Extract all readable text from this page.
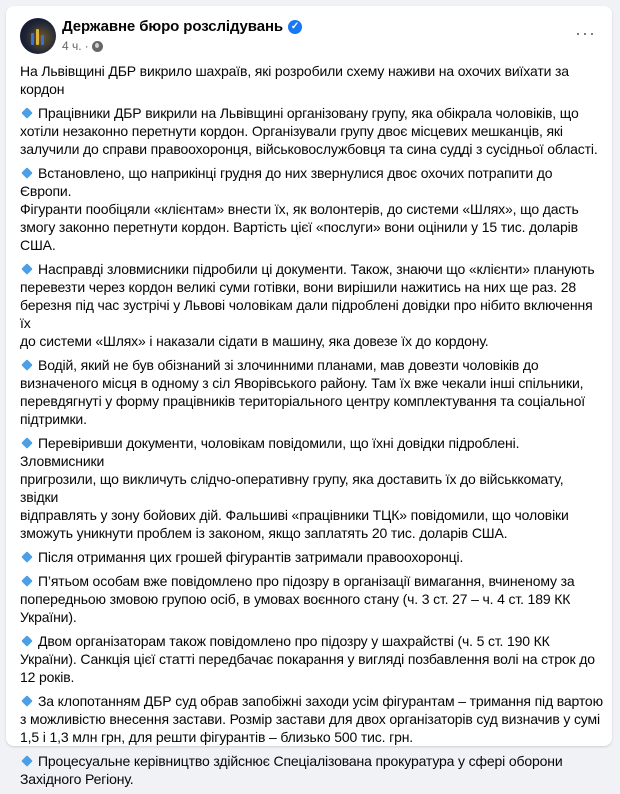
Державне бюро розслідувань ✓
4 ч. ·
···

На Львівщині ДБР викрило шахраїв, які розробили схему наживи на охочих виїхати за
кордон

Працівники ДБР викрили на Львівщині організовану групу, яка обікрала чоловіків, що
хотіли незаконно перетнути кордон. Організували групу двоє місцевих мешканців, які
залучили до справи правоохоронця, військовослужбовця та сина судді з сусідньої області.

Встановлено, що наприкінці грудня до них звернулися двоє охочих потрапити до Європи.
Фігуранти пообіцяли «клієнтам» внести їх, як волонтерів, до системи «Шлях», що дасть
змогу законно перетнути кордон. Вартість цієї «послуги» вони оцінили у 15 тис. доларів
США.

Насправді зловмисники підробили ці документи. Також, знаючи що «клієнти» планують
перевезти через кордон великі суми готівки, вони вирішили нажитись на них ще раз. 28
березня під час зустрічі у Львові чоловікам дали підроблені довідки про нібито включення їх
до системи «Шлях» і наказали сідати в машину, яка довезе їх до кордону.

Водій, який не був обізнаний зі злочинними планами, мав довезти чоловіків до
визначеного місця в одному з сіл Яворівського району. Там їх вже чекали інші спільники,
перевдягнуті у форму працівників територіального центру комплектування та соціальної
підтримки.

Перевіривши документи, чоловікам повідомили, що їхні довідки підроблені. Зловмисники
пригрозили, що викличуть слідчо-оперативну групу, яка доставить їх до військкомату, звідки
відправлять у зону бойових дій. Фальшиві «працівники ТЦК» повідомили, що чоловіки
зможуть уникнути проблем із законом, якщо заплатять 20 тис. доларів США.

Після отримання цих грошей фігурантів затримали правоохоронці.

П’ятьом особам вже повідомлено про підозру в організації вимагання, вчиненому за
попередньою змовою групою осіб, в умовах воєнного стану (ч. 3 ст. 27 – ч. 4 ст. 189 КК
України).

Двом організаторам також повідомлено про підозру у шахрайстві (ч. 5 ст. 190 КК
України). Санкція цієї статті передбачає покарання у вигляді позбавлення волі на строк до
12 років.

За клопотанням ДБР суд обрав запобіжні заходи усім фігурантам – тримання під вартою
з можливістю внесення застави. Розмір застави для двох організаторів суд визначив у сумі
1,5 і 1,3 млн грн, для решти фігурантів – близько 500 тис. грн.

Процесуальне керівництво здійснює Спеціалізована прокуратура у сфері оборони
Західного Регіону.
